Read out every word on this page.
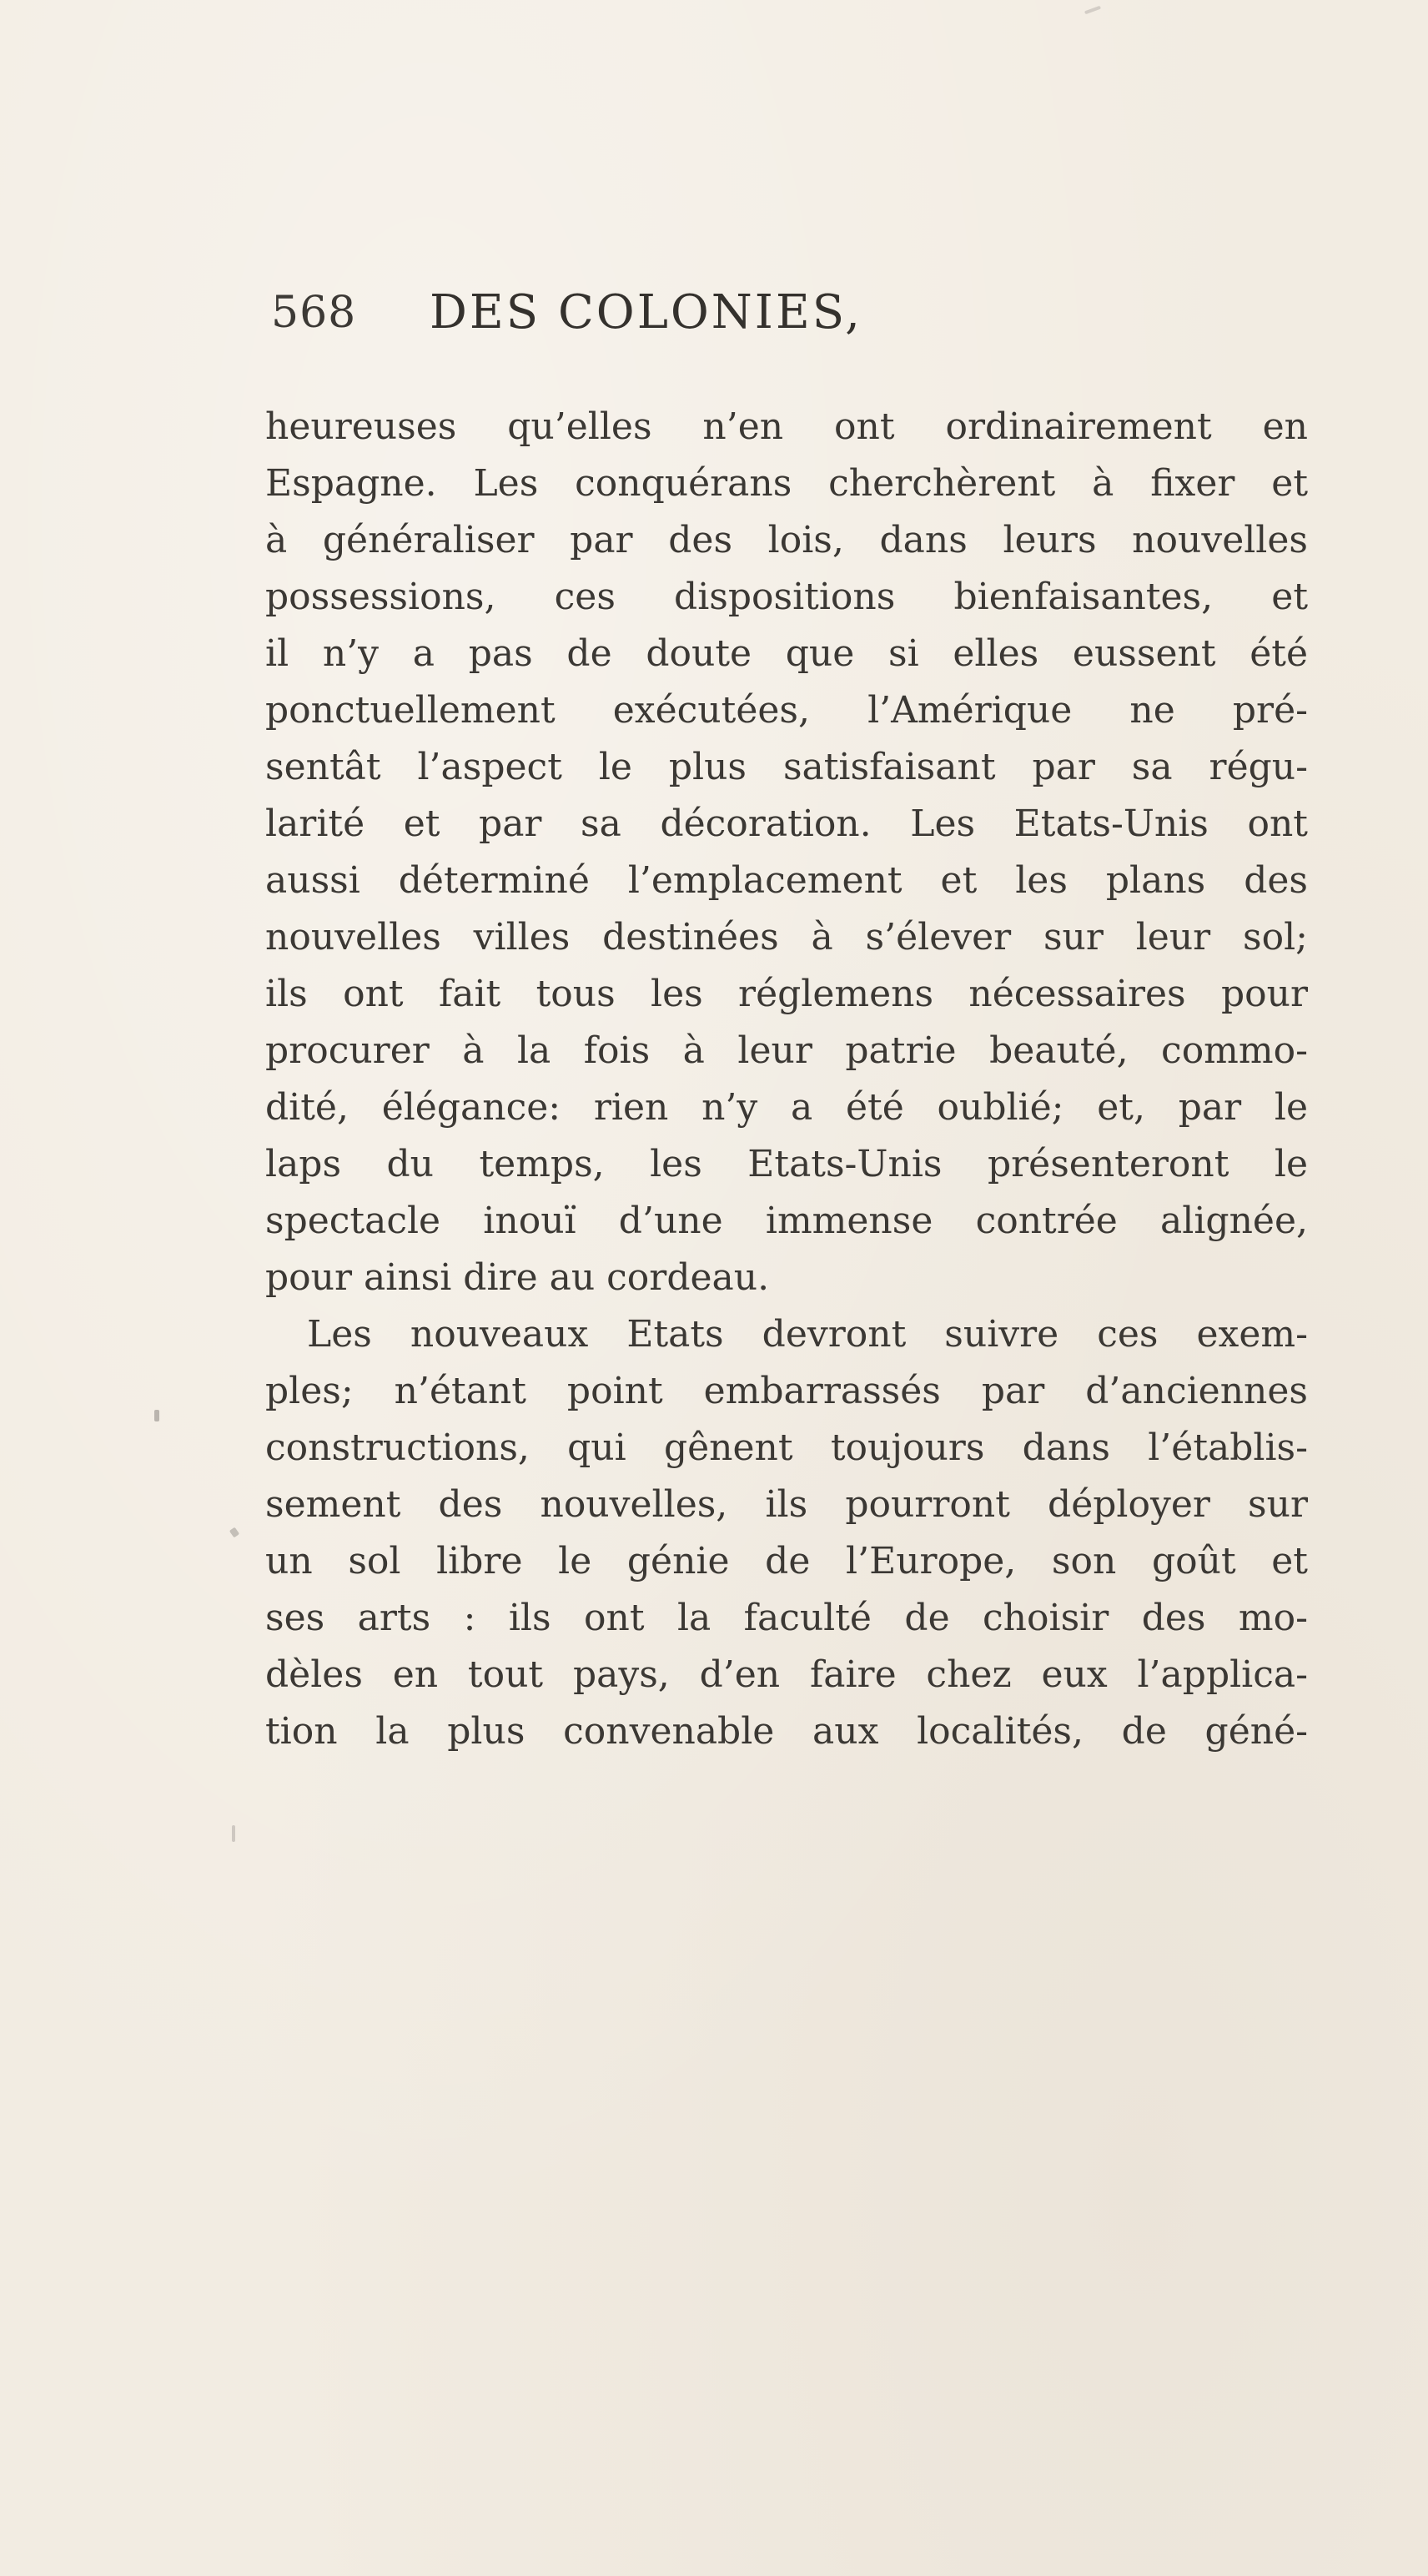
568 DES COLONIES,
heureuses qu’elles n’en ont ordinairement en
Espagne. Les conquérans cherchèrent à fixer et
à généraliser par des lois, dans leurs nouvelles
possessions, ces dispositions bienfaisantes, et
il n’y a pas de doute que si elles eussent été
ponctuellement exécutées, l’Amérique ne pré-
sentât l’aspect le plus satisfaisant par sa régu-
larité et par sa décoration. Les Etats-Unis ont
aussi déterminé l’emplacement et les plans des
nouvelles villes destinées à s’élever sur leur sol;
ils ont fait tous les réglemens nécessaires pour
procurer à la fois à leur patrie beauté, commo-
dité, élégance: rien n’y a été oublié; et, par le
laps du temps, les Etats-Unis présenteront le
spectacle inouï d’une immense contrée alignée,
pour ainsi dire au cordeau.
Les nouveaux Etats devront suivre ces exem-
ples; n’étant point embarrassés par d’anciennes
constructions, qui gênent toujours dans l’établis-
sement des nouvelles, ils pourront déployer sur
un sol libre le génie de l’Europe, son goût et
ses arts : ils ont la faculté de choisir des mo-
dèles en tout pays, d’en faire chez eux l’applica-
tion la plus convenable aux localités, de géné-
